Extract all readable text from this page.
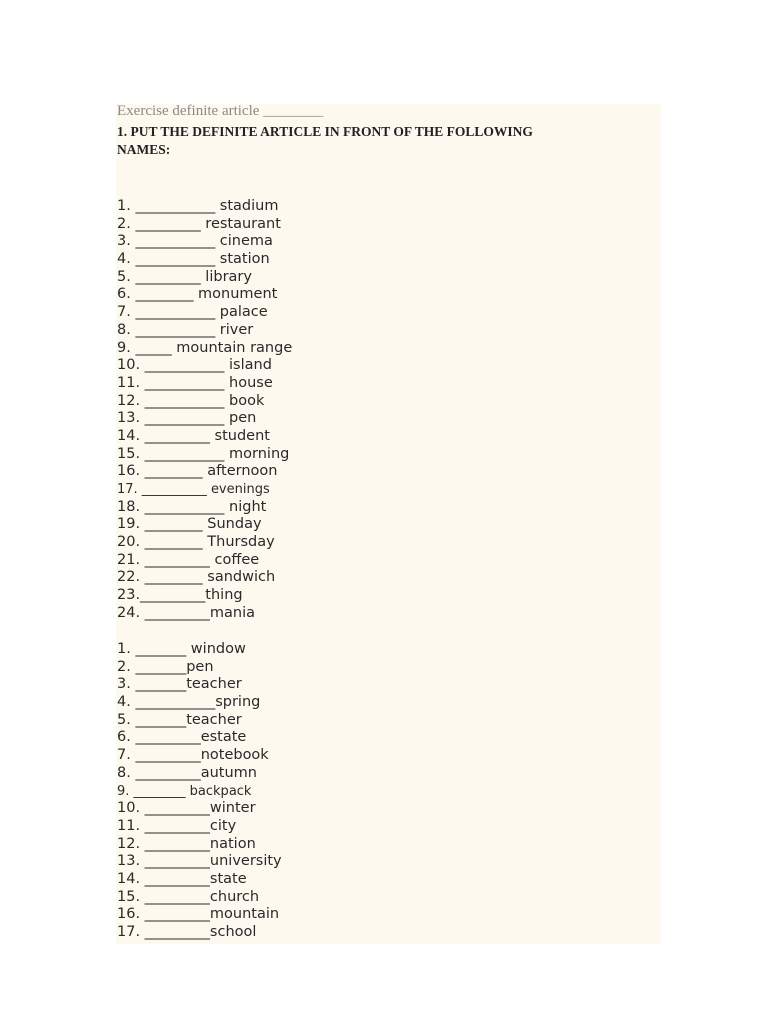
Exercise definite article ________
1. PUT THE DEFINITE ARTICLE IN FRONT OF THE FOLLOWING NAMES:
1. ___________ stadium
2. _________ restaurant
3. ___________ cinema
4. ___________ station
5. _________ library
6. ________ monument
7. ___________ palace
8. ___________ river
9. _____ mountain range
10. ___________ island
11. ___________ house
12. ___________ book
13. ___________ pen
14. _________ student
15. ___________ morning
16. ________ afternoon
17. __________ evenings
18. ___________ night
19. ________ Sunday
20. ________ Thursday
21. _________ coffee
22. ________ sandwich
23._________thing
24. _________mania
1. _______ window
2. _______pen
3. _______teacher
4. ___________spring
5. _______teacher
6. _________estate
7. _________notebook
8. _________autumn
9. ________ backpack
10. _________winter
11. _________city
12. _________nation
13. _________university
14. _________state
15. _________church
16. _________mountain
17. _________school
